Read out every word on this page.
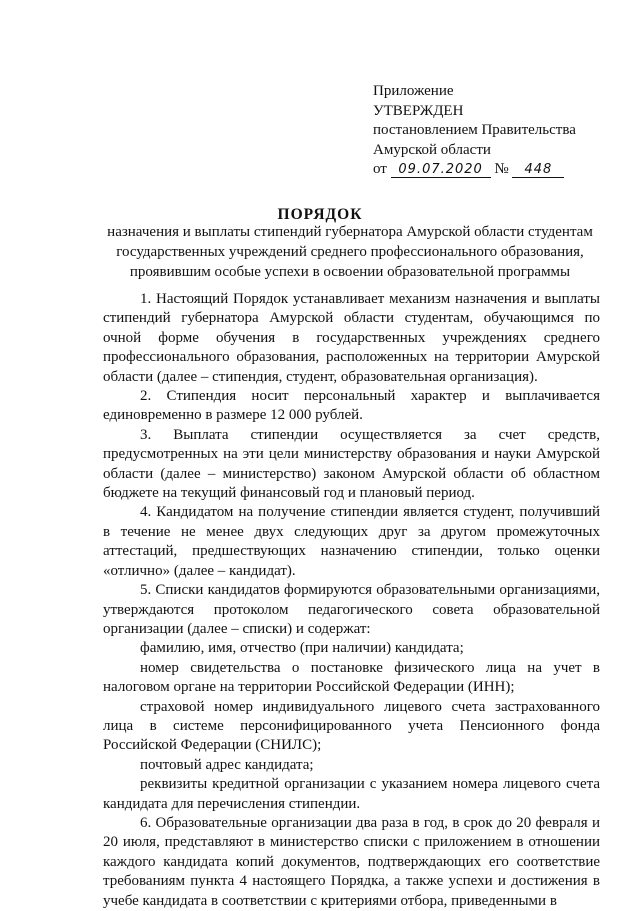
Приложение
УТВЕРЖДЕН
постановлением Правительства
Амурской области
от 09.07.2020 № 448
ПОРЯДОК
назначения и выплаты стипендий губернатора Амурской области студентам государственных учреждений среднего профессионального образования, проявившим особые успехи в освоении образовательной программы

1. Настоящий Порядок устанавливает механизм назначения и выплаты стипендий губернатора Амурской области студентам, обучающимся по очной форме обучения в государственных учреждениях среднего профессионального образования, расположенных на территории Амурской области (далее – стипендия, студент, образовательная организация).

2. Стипендия носит персональный характер и выплачивается единовременно в размере 12 000 рублей.

3. Выплата стипендии осуществляется за счет средств, предусмотренных на эти цели министерству образования и науки Амурской области (далее – министерство) законом Амурской области об областном бюджете на текущий финансовый год и плановый период.

4. Кандидатом на получение стипендии является студент, получивший в течение не менее двух следующих друг за другом промежуточных аттестаций, предшествующих назначению стипендии, только оценки «отлично» (далее – кандидат).

5. Списки кандидатов формируются образовательными организациями, утверждаются протоколом педагогического совета образовательной организации (далее – списки) и содержат:

фамилию, имя, отчество (при наличии) кандидата;

номер свидетельства о постановке физического лица на учет в налоговом органе на территории Российской Федерации (ИНН);

страховой номер индивидуального лицевого счета застрахованного лица в системе персонифицированного учета Пенсионного фонда Российской Федерации (СНИЛС);

почтовый адрес кандидата;

реквизиты кредитной организации с указанием номера лицевого счета кандидата для перечисления стипендии.

6. Образовательные организации два раза в год, в срок до 20 февраля и 20 июля, представляют в министерство списки с приложением в отношении каждого кандидата копий документов, подтверждающих его соответствие требованиям пункта 4 настоящего Порядка, а также успехи и достижения в учебе кандидата в соответствии с критериями отбора, приведенными в
